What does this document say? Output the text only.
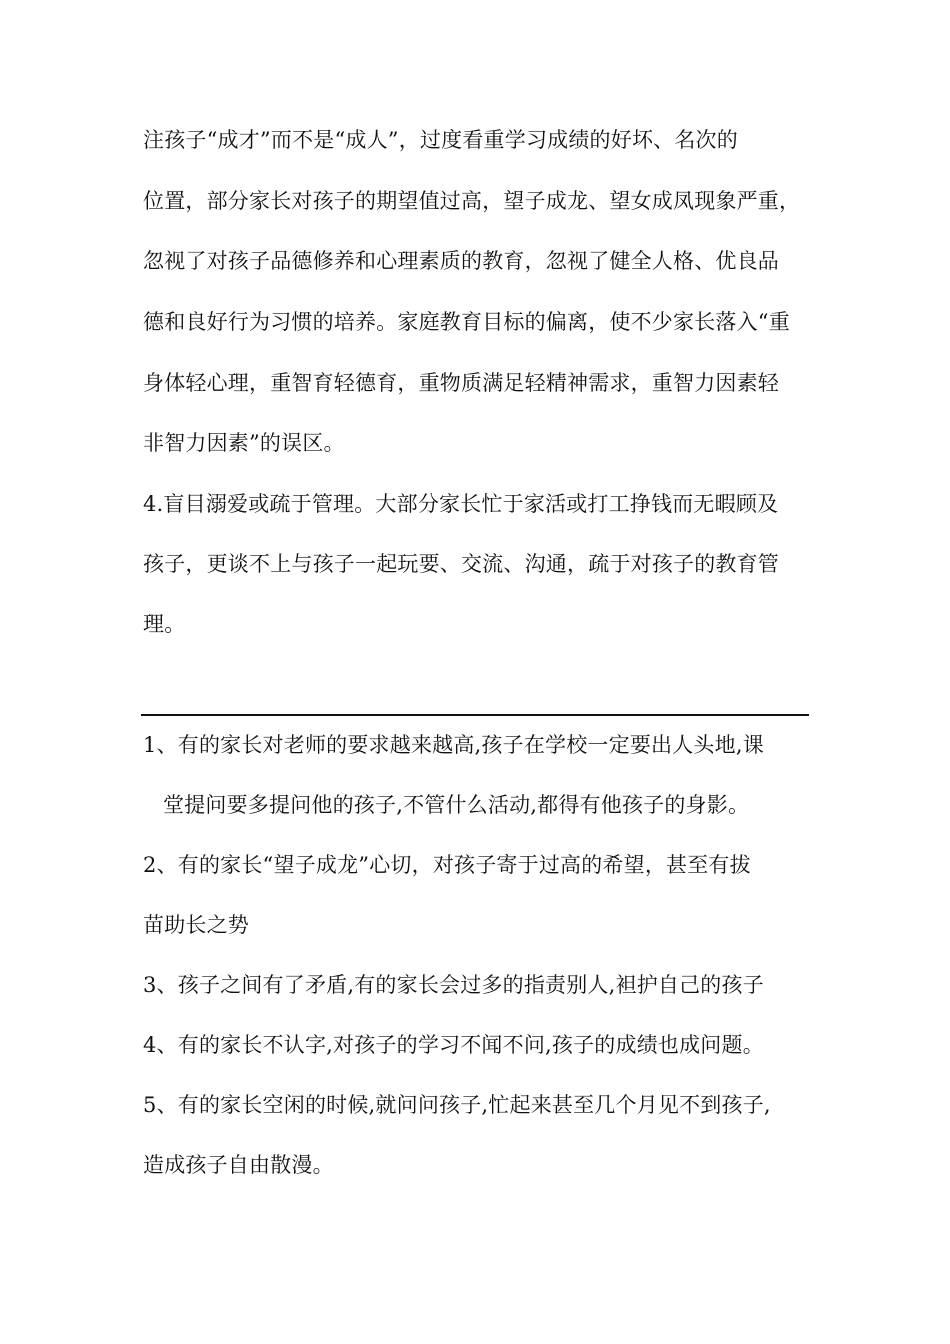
注孩子“成才”而不是“成人”，过度看重学习成绩的好坏、名次的
位置，部分家长对孩子的期望值过高，望子成龙、望女成凤现象严重，
忽视了对孩子品德修养和心理素质的教育，忽视了健全人格、优良品
德和良好行为习惯的培养。家庭教育目标的偏离，使不少家长落入“重
身体轻心理，重智育轻德育，重物质满足轻精神需求，重智力因素轻
非智力因素”的误区。
4.盲目溺爱或疏于管理。大部分家长忙于家活或打工挣钱而无暇顾及
孩子，更谈不上与孩子一起玩要、交流、沟通，疏于对孩子的教育管
理。
1、有的家长对老师的要求越来越高,孩子在学校一定要出人头地,课
堂提问要多提问他的孩子,不管什么活动,都得有他孩子的身影。
2、有的家长“望子成龙”心切，对孩子寄于过高的希望，甚至有拔
苗助长之势
3、孩子之间有了矛盾,有的家长会过多的指责别人,袒护自己的孩子
4、有的家长不认字,对孩子的学习不闻不问,孩子的成绩也成问题。
5、有的家长空闲的时候,就问问孩子,忙起来甚至几个月见不到孩子,
造成孩子自由散漫。
